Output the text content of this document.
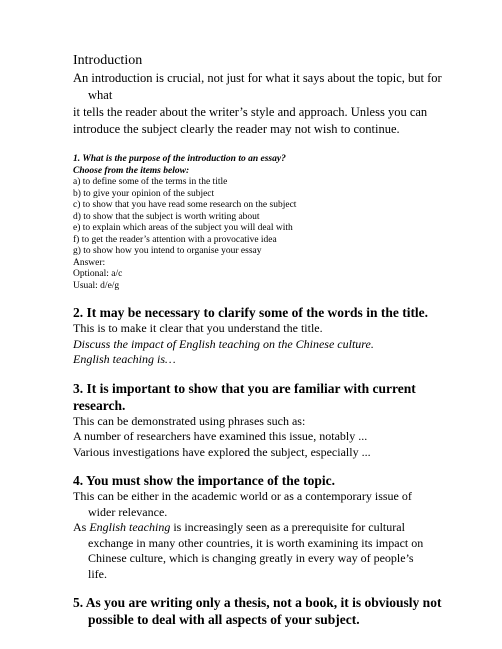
Introduction

An introduction is crucial, not just for what it says about the topic, but for
what
it tells the reader about the writer’s style and approach. Unless you can
introduce the subject clearly the reader may not wish to continue.

1. What is the purpose of the introduction to an essay?
Choose from the items below:
a) to define some of the terms in the title
b) to give your opinion of the subject
c) to show that you have read some research on the subject
d) to show that the subject is worth writing about
e) to explain which areas of the subject you will deal with
f) to get the reader’s attention with a provocative idea
g) to show how you intend to organise your essay
Answer:
Optional: a/c
Usual: d/e/g
2. It may be necessary to clarify some of the words in the title.
This is to make it clear that you understand the title.
Discuss the impact of English teaching on the Chinese culture.
English teaching is…
3. It is important to show that you are familiar with current research.
This can be demonstrated using phrases such as:
A number of researchers have examined this issue, notably ...
Various investigations have explored the subject, especially ...
4. You must show the importance of the topic.
This can be either in the academic world or as a contemporary issue of
wider relevance.
As English teaching is increasingly seen as a prerequisite for cultural
exchange in many other countries, it is worth examining its impact on
Chinese culture, which is changing greatly in every way of people’s
life.
5. As you are writing only a thesis, not a book, it is obviously not
possible to deal with all aspects of your subject.
